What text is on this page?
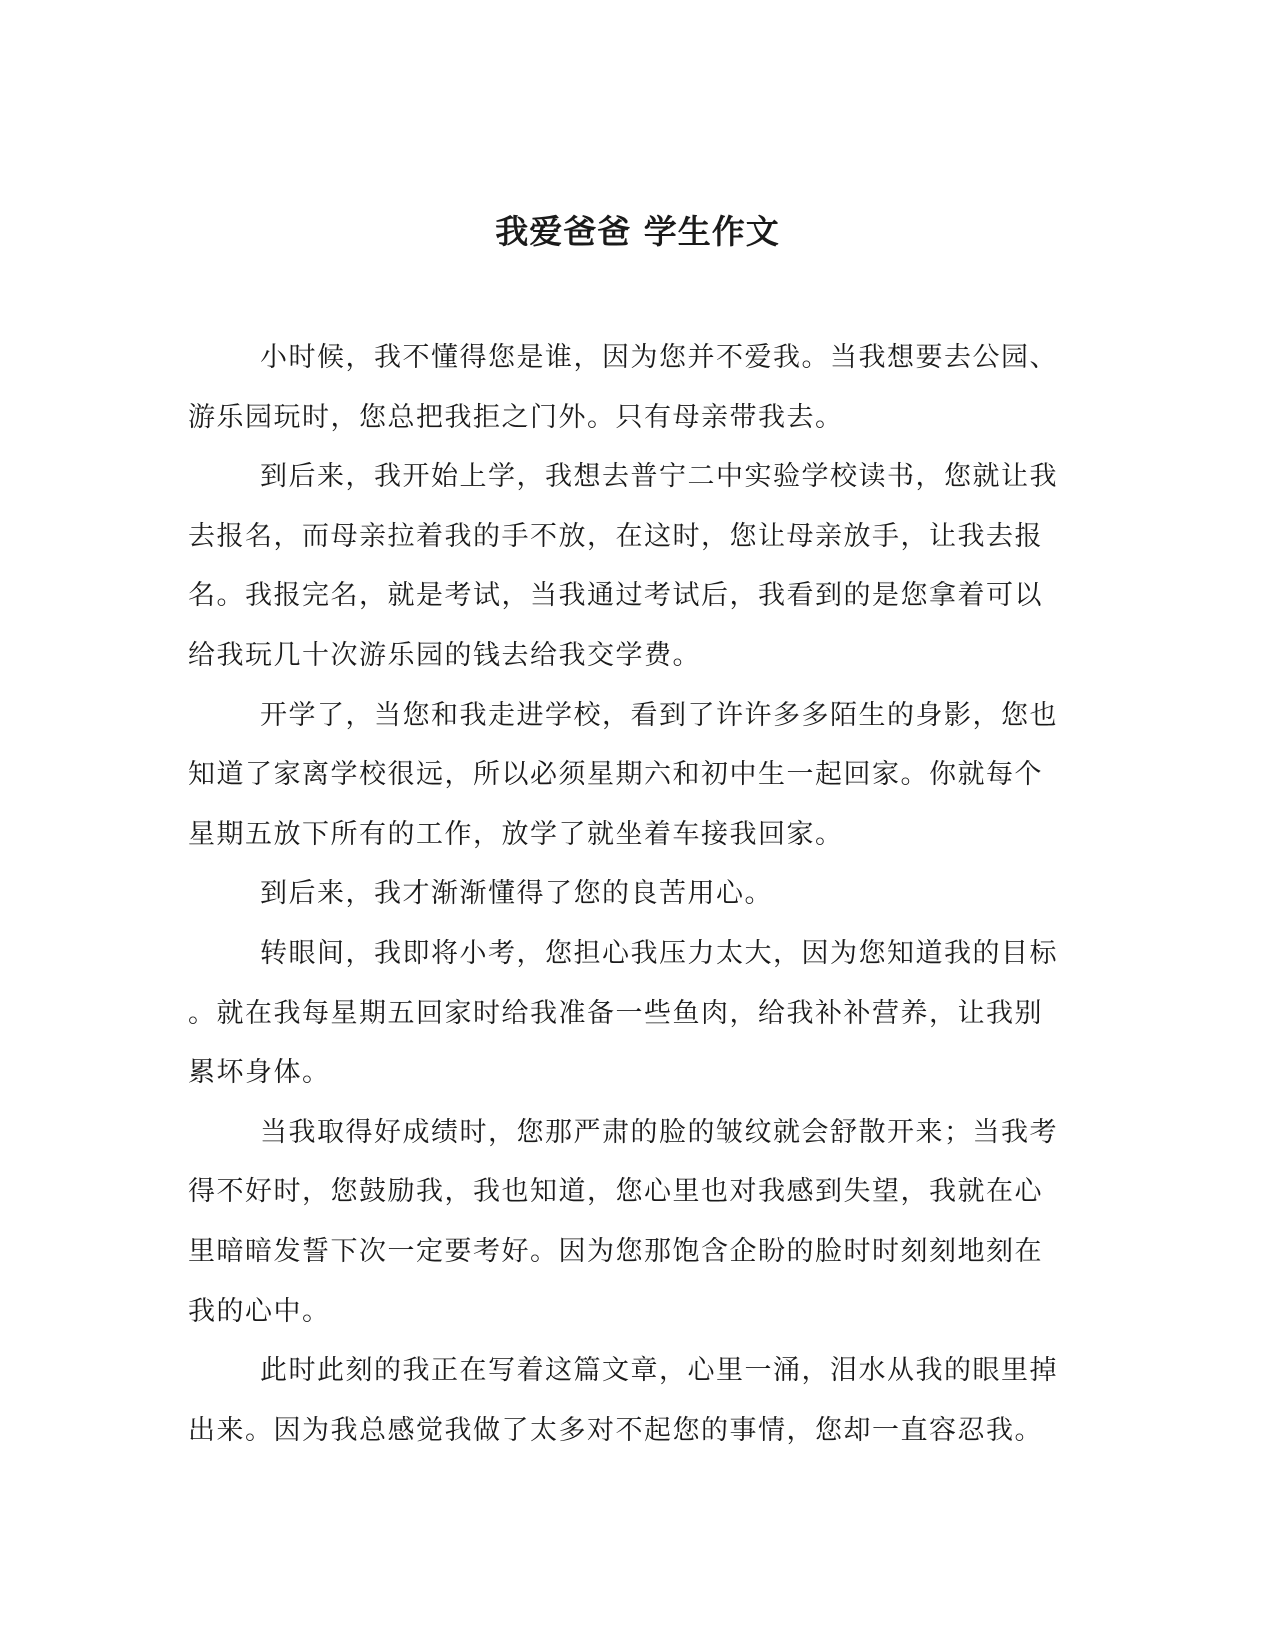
我爱爸爸 学生作文
小时候，我不懂得您是谁，因为您并不爱我。当我想要去公园、
游乐园玩时，您总把我拒之门外。只有母亲带我去。
到后来，我开始上学，我想去普宁二中实验学校读书，您就让我
去报名，而母亲拉着我的手不放，在这时，您让母亲放手，让我去报
名。我报完名，就是考试，当我通过考试后，我看到的是您拿着可以
给我玩几十次游乐园的钱去给我交学费。
开学了，当您和我走进学校，看到了许许多多陌生的身影，您也
知道了家离学校很远，所以必须星期六和初中生一起回家。你就每个
星期五放下所有的工作，放学了就坐着车接我回家。
到后来，我才渐渐懂得了您的良苦用心。
转眼间，我即将小考，您担心我压力太大，因为您知道我的目标
。就在我每星期五回家时给我准备一些鱼肉，给我补补营养，让我别
累坏身体。
当我取得好成绩时，您那严肃的脸的皱纹就会舒散开来；当我考
得不好时，您鼓励我，我也知道，您心里也对我感到失望，我就在心
里暗暗发誓下次一定要考好。因为您那饱含企盼的脸时时刻刻地刻在
我的心中。
此时此刻的我正在写着这篇文章，心里一涌，泪水从我的眼里掉
出来。因为我总感觉我做了太多对不起您的事情，您却一直容忍我。
